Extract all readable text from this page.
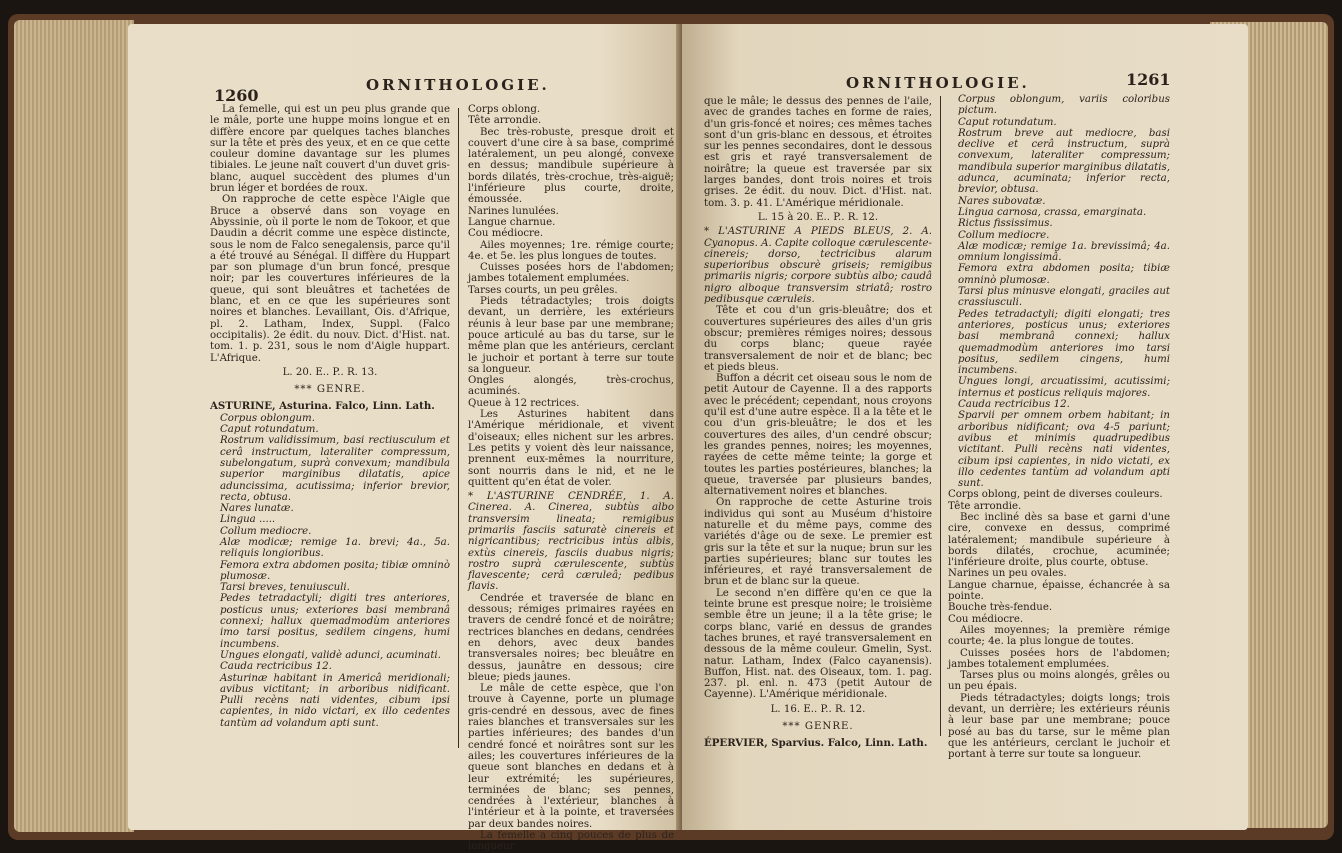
1260
ORNITHOLOGIE.

La femelle, qui est un peu plus grande que le mâle, porte une huppe moins longue et en diffère encore par quelques taches blanches sur la tête et près des yeux, et en ce que cette couleur domine davantage sur les plumes tibiales. Le jeune naît couvert d'un duvet gris-blanc, auquel succèdent des plumes d'un brun léger et bordées de roux.

On rapproche de cette espèce l'Aigle que Bruce a observé dans son voyage en Abyssinie, où il porte le nom de Tokoor, et que Daudin a décrit comme une espèce distincte, sous le nom de Falco senegalensis, parce qu'il a été trouvé au Sénégal. Il diffère du Huppart par son plumage d'un brun foncé, presque noir; par les couvertures inférieures de la queue, qui sont bleuâtres et tachetées de blanc, et en ce que les supérieures sont noires et blanches. Levaillant, Ois. d'Afrique, pl. 2. Latham, Index, Suppl. (Falco occipitalis). 2e édit. du nouv. Dict. d'Hist. nat. tom. 1. p. 231, sous le nom d'Aigle huppart. L'Afrique.

L. 20. E.. P.. R. 13.

*** GENRE.

ASTURINE, Asturina. Falco, Linn. Lath.

Corpus oblongum.

Caput rotundatum.

Rostrum validissimum, basi rectiusculum et cerâ instructum, lateraliter compressum, subelongatum, suprà convexum; mandibula superior marginibus dilatatis, apice aduncissima, acutissima; inferior brevior, recta, obtusa.

Nares lunatæ.

Lingua .....

Collum mediocre.

Alæ modicæ; remige 1a. brevi; 4a., 5a. reliquis longioribus.

Femora extra abdomen posita; tibiæ omninò plumosæ.

Tarsi breves, tenuiusculi.

Pedes tetradactyli; digiti tres anteriores, posticus unus; exteriores basi membranâ connexi; hallux quemadmodùm anteriores imo tarsi positus, sedilem cingens, humi incumbens.

Ungues elongati, validè adunci, acuminati.

Cauda rectricibus 12.

Asturinæ habitant in Americâ meridionali; avibus victitant; in arboribus nidificant. Pulli recèns nati videntes, cibum ipsi capientes, in nido victari, ex illo cedentes tantùm ad volandum apti sunt.

Corps oblong.

Tête arrondie.

Bec très-robuste, presque droit et couvert d'une cire à sa base, comprimé latéralement, un peu alongé, convexe en dessus; mandibule supérieure à bords dilatés, très-crochue, très-aiguë; l'inférieure plus courte, droite, émoussée.

Narines lunulées.

Langue charnue.

Cou médiocre.

Ailes moyennes; 1re. rémige courte; 4e. et 5e. les plus longues de toutes.

Cuisses posées hors de l'abdomen; jambes totalement emplumées.

Tarses courts, un peu grêles.

Pieds tétradactyles; trois doigts devant, un derrière, les extérieurs réunis à leur base par une membrane; pouce articulé au bas du tarse, sur le même plan que les antérieurs, cerclant le juchoir et portant à terre sur toute sa longueur.

Ongles alongés, très-crochus, acuminés.

Queue à 12 rectrices.

Les Asturines habitent dans l'Amérique méridionale, et vivent d'oiseaux; elles nichent sur les arbres. Les petits y voient dès leur naissance, prennent eux-mêmes la nourriture, sont nourris dans le nid, et ne le quittent qu'en état de voler.

* L'ASTURINE CENDRÉE, 1. A. Cinerea. A. Cinerea, subtùs albo transversim lineata; remigibus primariis fasciis saturatè cinereis et nigricantibus; rectricibus intùs albis, extùs cinereis, fasciis duabus nigris; rostro suprà cærulescente, subtùs flavescente; cerâ cæruleâ; pedibus flavis.

Cendrée et traversée de blanc en dessous; rémiges primaires rayées en travers de cendré foncé et de noirâtre; rectrices blanches en dedans, cendrées en dehors, avec deux bandes transversales noires; bec bleuâtre en dessus, jaunâtre en dessous; cire bleue; pieds jaunes.

Le mâle de cette espèce, que l'on trouve à Cayenne, porte un plumage gris-cendré en dessous, avec de fines raies blanches et transversales sur les parties inférieures; des bandes d'un cendré foncé et noirâtres sont sur les ailes; les couvertures inférieures de la queue sont blanches en dedans et à leur extrémité; les supérieures, terminées de blanc; ses pennes, cendrées à l'extérieur, blanches à l'intérieur et à la pointe, et traversées par deux bandes noires.

La femelle a cinq pouces de plus de longueur

ORNITHOLOGIE.	1261

que le mâle; le dessus des pennes de l'aile, avec de grandes taches en forme de raies, d'un gris-foncé et noires; ces mêmes taches sont d'un gris-blanc en dessous, et étroites sur les pennes secondaires, dont le dessous est gris et rayé transversalement de noirâtre; la queue est traversée par six larges bandes, dont trois noires et trois grises. 2e édit. du nouv. Dict. d'Hist. nat. tom. 3. p. 41. L'Amérique méridionale.

L. 15 à 20. E.. P.. R. 12.

* L'ASTURINE A PIEDS BLEUS, 2. A. Cyanopus. A. Capite colloque cærulescente-cinereis; dorso, tectricibus alarum superioribus obscurè griseis; remigibus primariis nigris; corpore subtùs albo; caudâ nigro alboque transversim striatâ; rostro pedibusque cæruleis.

Tête et cou d'un gris-bleuâtre; dos et couvertures supérieures des ailes d'un gris obscur; premières rémiges noires; dessous du corps blanc; queue rayée transversalement de noir et de blanc; bec et pieds bleus.

Buffon a décrit cet oiseau sous le nom de petit Autour de Cayenne. Il a des rapports avec le précédent; cependant, nous croyons qu'il est d'une autre espèce. Il a la tête et le cou d'un gris-bleuâtre; le dos et les couvertures des ailes, d'un cendré obscur; les grandes pennes, noires; les moyennes, rayées de cette même teinte; la gorge et toutes les parties postérieures, blanches; la queue, traversée par plusieurs bandes, alternativement noires et blanches.

On rapproche de cette Asturine trois individus qui sont au Muséum d'histoire naturelle et du même pays, comme des variétés d'âge ou de sexe. Le premier est gris sur la tête et sur la nuque; brun sur les parties supérieures; blanc sur toutes les inférieures, et rayé transversalement de brun et de blanc sur la queue.

Le second n'en diffère qu'en ce que la teinte brune est presque noire; le troisième semble être un jeune; il a la tête grise; le corps blanc, varié en dessus de grandes taches brunes, et rayé transversalement en dessous de la même couleur. Gmelin, Syst. natur. Latham, Index (Falco cayanensis). Buffon, Hist. nat. des Oiseaux, tom. 1. pag. 237. pl. enl. n. 473 (petit Autour de Cayenne). L'Amérique méridionale.

L. 16. E.. P.. R. 12.

*** GENRE.

ÉPERVIER, Sparvius. Falco, Linn. Lath.

Corpus oblongum, variis coloribus pictum.

Caput rotundatum.

Rostrum breve aut mediocre, basi declive et cerâ instructum, suprà convexum, lateraliter compressum; mandibula superior marginibus dilatatis, adunca, acuminata; inferior recta, brevior, obtusa.

Nares subovatæ.

Lingua carnosa, crassa, emarginata.

Rictus fississimus.

Collum mediocre.

Alæ modicæ; remige 1a. brevissimâ; 4a. omnium longissimâ.

Femora extra abdomen posita; tibiæ omninò plumosæ.

Tarsi plus minusve elongati, graciles aut crassiusculi.

Pedes tetradactyli; digiti elongati; tres anteriores, posticus unus; exteriores basi membranâ connexi; hallux quemadmodùm anteriores imo tarsi positus, sedilem cingens, humi incumbens.

Ungues longi, arcuatissimi, acutissimi; internus et posticus reliquis majores.

Cauda rectricibus 12.

Sparvii per omnem orbem habitant; in arboribus nidificant; ova 4-5 pariunt; avibus et minimis quadrupedibus victitant. Pulli recèns nati videntes, cibum ipsi capientes, in nido victati, ex illo cedentes tantùm ad volandum apti sunt.

Corps oblong, peint de diverses couleurs.

Tête arrondie.

Bec incliné dès sa base et garni d'une cire, convexe en dessus, comprimé latéralement; mandibule supérieure à bords dilatés, crochue, acuminée; l'inférieure droite, plus courte, obtuse.

Narines un peu ovales.

Langue charnue, épaisse, échancrée à sa pointe.

Bouche très-fendue.

Cou médiocre.

Ailes moyennes; la première rémige courte; 4e. la plus longue de toutes.

Cuisses posées hors de l'abdomen; jambes totalement emplumées.

Tarses plus ou moins alongés, grêles ou un peu épais.

Pieds tétradactyles; doigts longs; trois devant, un derrière; les extérieurs réunis à leur base par une membrane; pouce posé au bas du tarse, sur le même plan que les antérieurs, cerclant le juchoir et portant à terre sur toute sa longueur.
